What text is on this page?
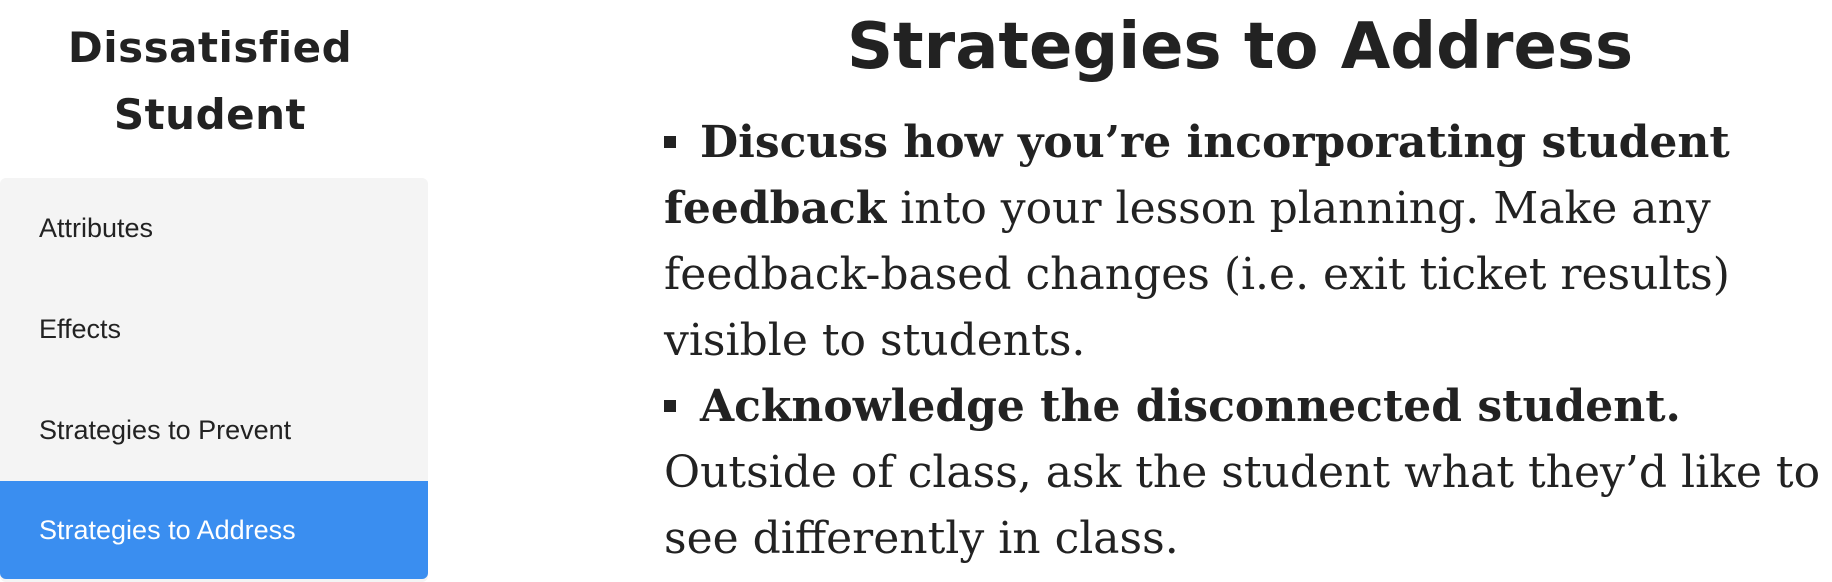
Dissatisfied
Student
Attributes
Effects
Strategies to Prevent
Strategies to Address
Strategies to Address
Discuss how you’re incorporating student feedback into your lesson planning. Make any feedback-based changes (i.e. exit ticket results) visible to students.
Acknowledge the disconnected student. Outside of class, ask the student what they’d like to see differently in class.
